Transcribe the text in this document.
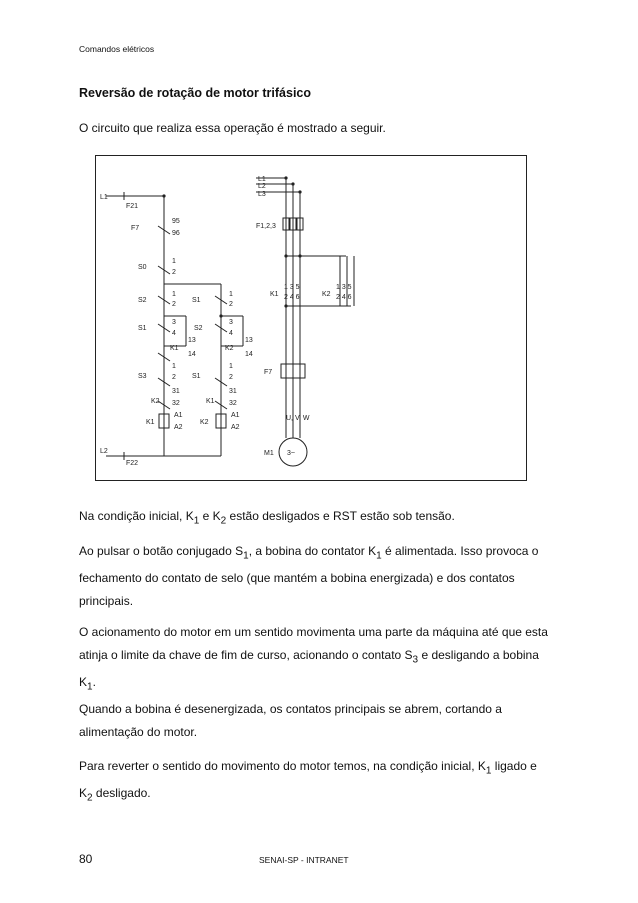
Comandos elétricos
Reversão de rotação de motor trifásico

O circuito que realiza essa operação é mostrado a seguir.

L1
F21
F7
95
96
S0
1
2
S2
1
2
S1
3
4
K1
13
14
S3
1
2
K2
31
32
K1
A1
A2
S1
1
2
S2
3
4
K2
13
14
S1
1
2
K1
31
32
K2
A1
A2
L2
F22
L1
L2
L3
F1,2,3
K1
1 3 5
2 4 6	K2
1 3 5
2 4 6
F7
U, V, W
M1 3~

Na condição inicial, $K_1$ e $K_2$ estão desligados e RST estão sob tensão.

Ao pulsar o botão conjugado $S_1$, a bobina do contator $K_1$ é alimentada. Isso provoca o fechamento do contato de selo (que mantém a bobina energizada) e dos contatos principais.

O acionamento do motor em um sentido movimenta uma parte da máquina até que esta atinja o limite da chave de fim de curso, acionando o contato $S_3$ e desligando a bobina $K_1$.

Quando a bobina é desenergizada, os contatos principais se abrem, cortando a alimentação do motor.

Para reverter o sentido do movimento do motor temos, na condição inicial, $K_1$ ligado e $K_2$ desligado.

80	SENAI-SP - INTRANET
